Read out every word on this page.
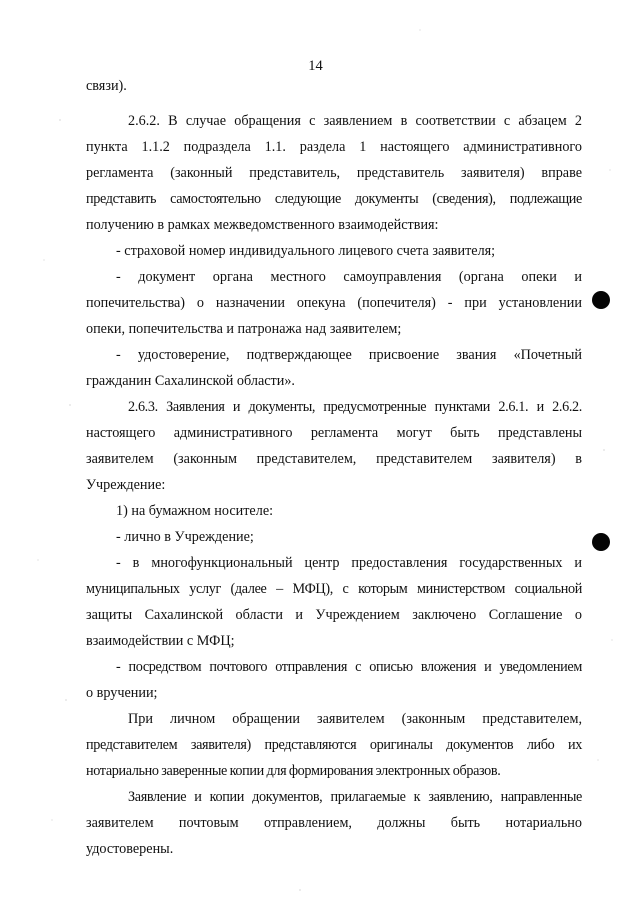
14
связи).
2.6.2. В случае обращения с заявлением в соответствии с абзацем 2
пункта 1.1.2 подраздела 1.1. раздела 1 настоящего административного
регламента (законный представитель, представитель заявителя) вправе
представить самостоятельно следующие документы (сведения), подлежащие
получению в рамках межведомственного взаимодействия:
- страховой номер индивидуального лицевого счета заявителя;
- документ органа местного самоуправления (органа опеки и
попечительства) о назначении опекуна (попечителя) - при установлении
опеки, попечительства и патронажа над заявителем;
- удостоверение, подтверждающее присвоение звания «Почетный
гражданин Сахалинской области».
2.6.3. Заявления и документы, предусмотренные пунктами 2.6.1. и 2.6.2.
настоящего административного регламента могут быть представлены
заявителем (законным представителем, представителем заявителя) в
Учреждение:
1) на бумажном носителе:
- лично в Учреждение;
- в многофункциональный центр предоставления государственных и
муниципальных услуг (далее – МФЦ), с которым министерством социальной
защиты Сахалинской области и Учреждением заключено Соглашение о
взаимодействии с МФЦ;
- посредством почтового отправления с описью вложения и уведомлением
о вручении;
При личном обращении заявителем (законным представителем,
представителем заявителя) представляются оригиналы документов либо их
нотариально заверенные копии для формирования электронных образов.
Заявление и копии документов, прилагаемые к заявлению, направленные
заявителем почтовым отправлением, должны быть нотариально
удостоверены.
